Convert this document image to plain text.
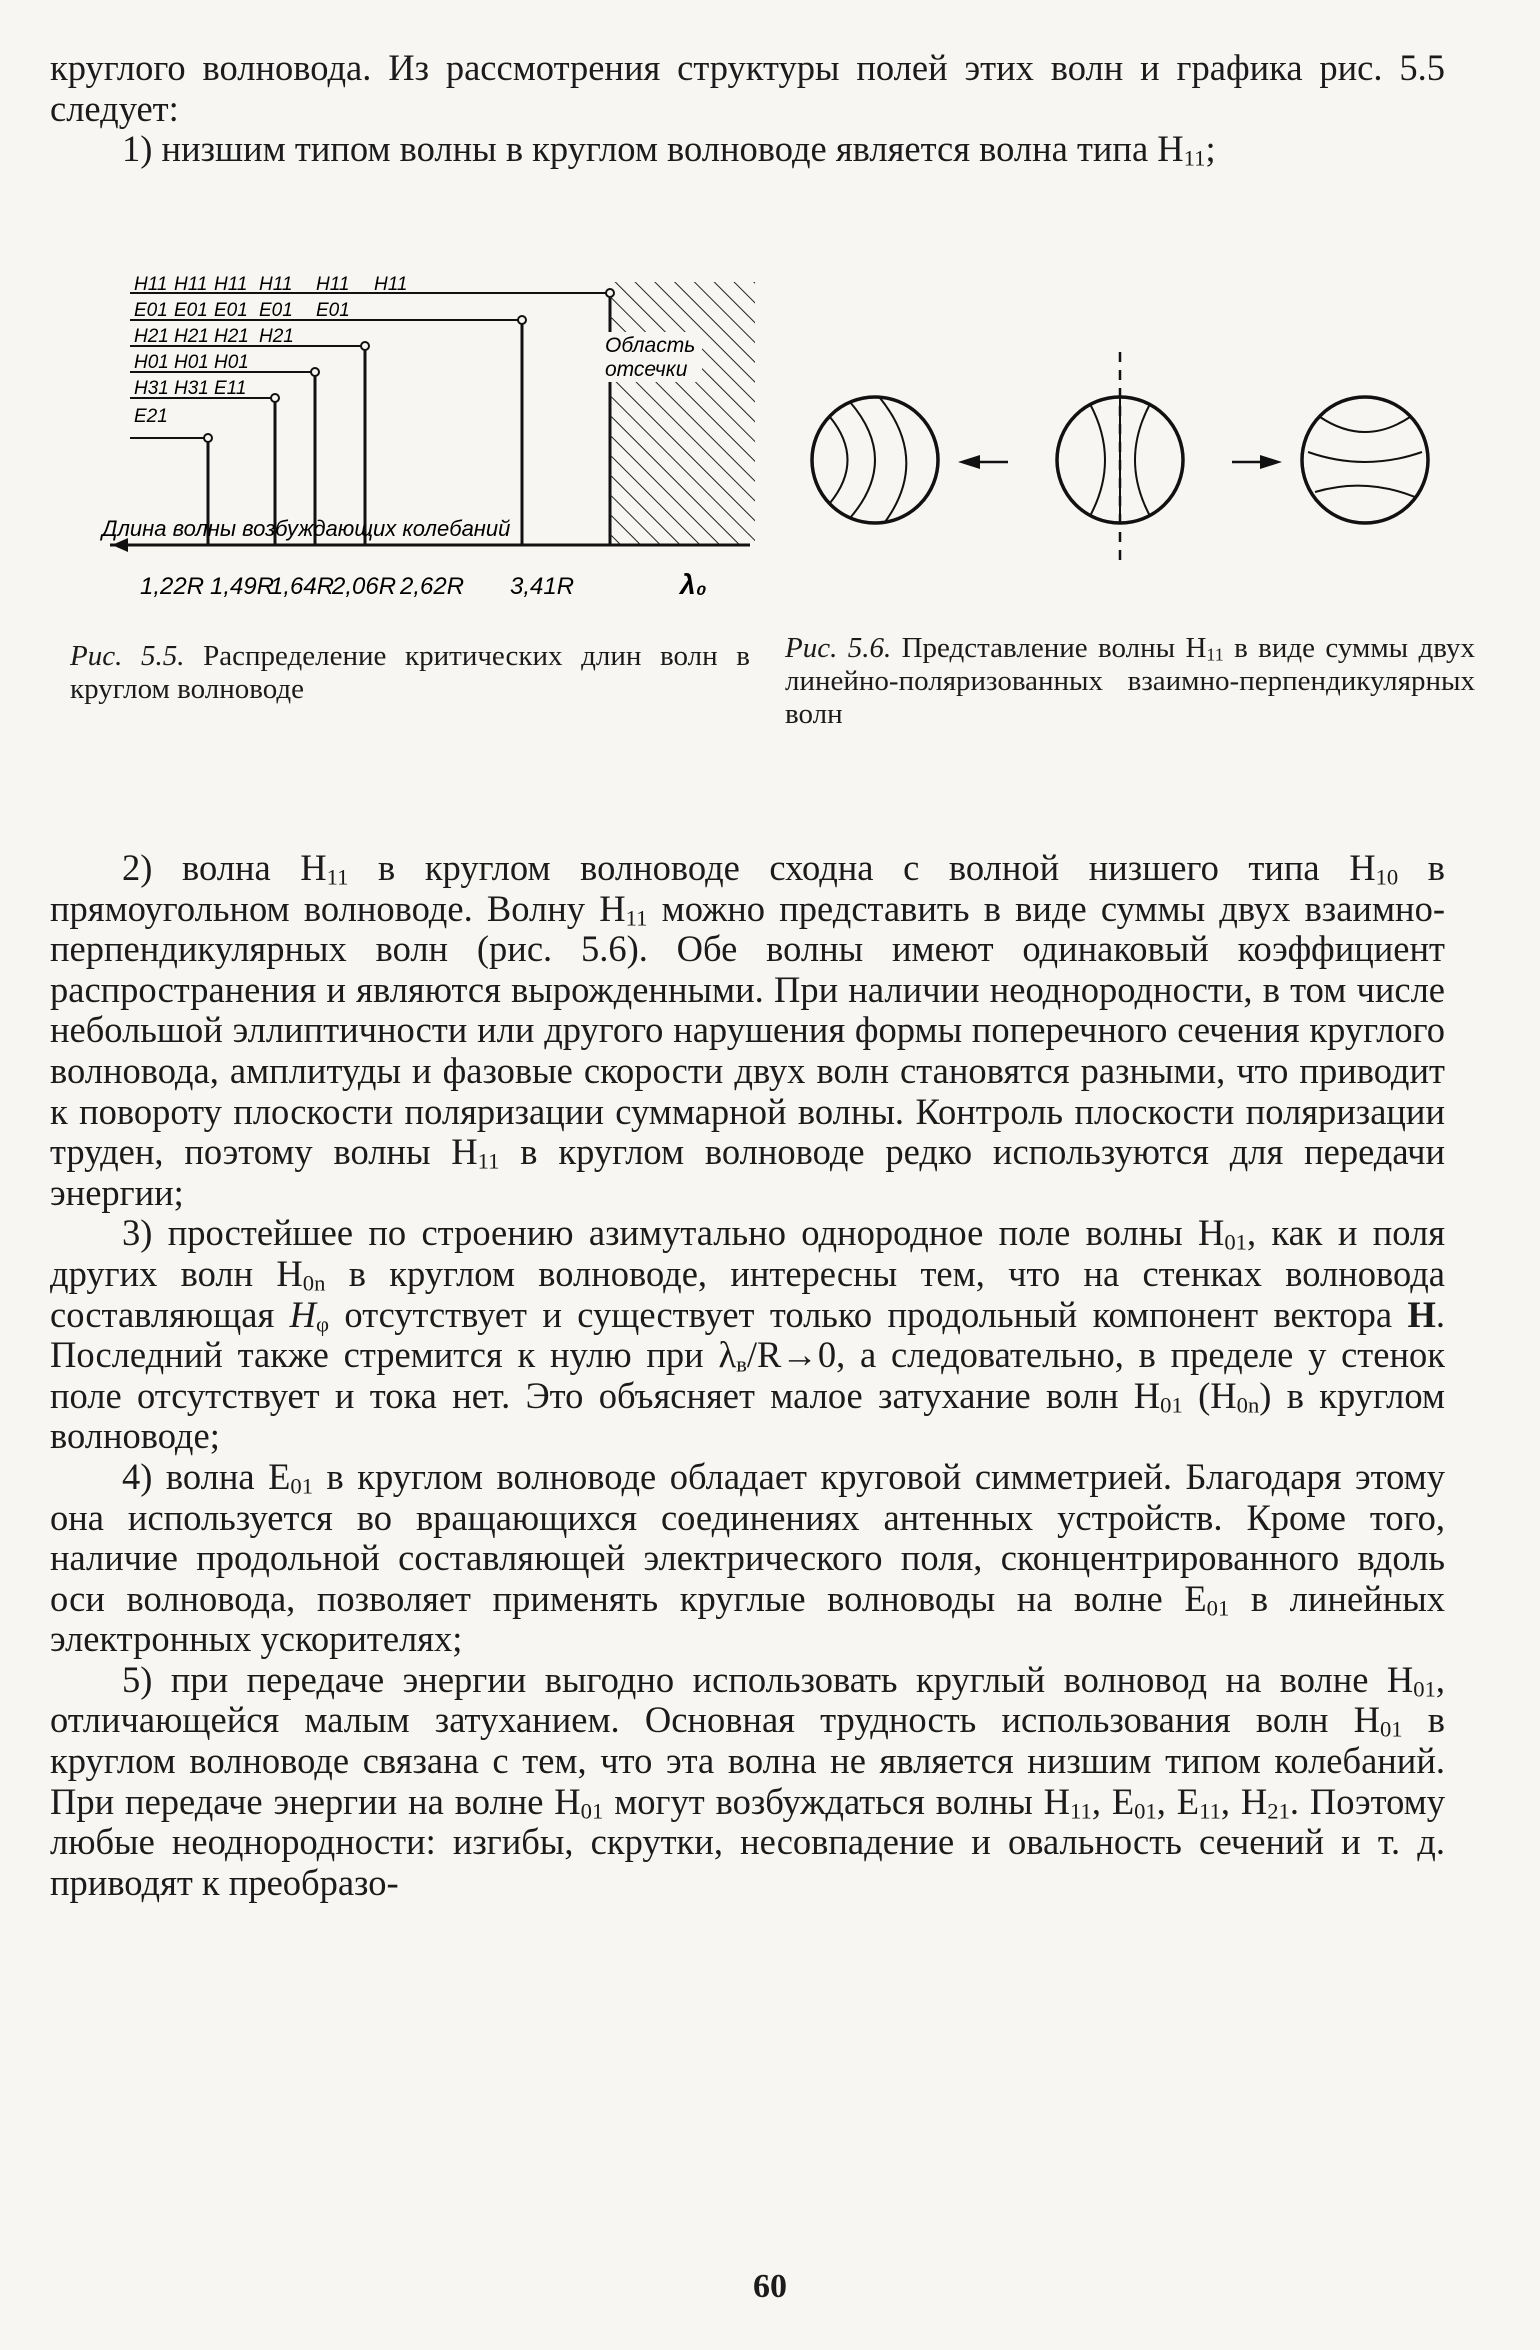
круглого волновода. Из рассмотрения структуры полей этих волн и графика рис. 5.5 следует:

1) низшим типом волны в круглом волноводе является волна типа $H_{11}$;

H11 H11 H11 H11 H11 H11
E01 E01 E01 E01 E01
H21 H21 H21 H21
H01 H01 H01
H31 H31 E11
E21
Область
отсечки
Длина волны возбуждающих колебаний
1,22R 1,49R
1,64R
2,06R 2,62R 3,41R	λ₀
Рис. 5.5. Распределение критических длин волн в круглом волноводе
Рис. 5.6. Представление волны $H_{11}$ в виде суммы двух линейно-поляризованных взаимно-перпендикулярных волн

2) волна $H_{11}$ в круглом волноводе сходна с волной низшего типа $H_{10}$ в прямоугольном волноводе. Волну $H_{11}$ можно представить в виде суммы двух взаимно-перпендикулярных волн (рис. 5.6). Обе волны имеют одинаковый коэффициент распространения и являются вырожденными. При наличии неоднородности, в том числе небольшой эллиптичности или другого нарушения формы поперечного сечения круглого волновода, амплитуды и фазовые скорости двух волн становятся разными, что приводит к повороту плоскости поляризации суммарной волны. Контроль плоскости поляризации труден, поэтому волны $H_{11}$ в круглом волноводе редко используются для передачи энергии;

3) простейшее по строению азимутально однородное поле волны $H_{01}$, как и поля других волн $H_{0n}$ в круглом волноводе, интересны тем, что на стенках волновода составляющая $H_\varphi$ отсутствует и существует только продольный компонент вектора H. Последний также стремится к нулю при $\lambda_в/R\to 0$, а следовательно, в пределе у стенок поле отсутствует и тока нет. Это объясняет малое затухание волн $H_{01}$ $(H_{0n})$ в круглом волноводе;

4) волна $E_{01}$ в круглом волноводе обладает круговой симметрией. Благодаря этому она используется во вращающихся соединениях антенных устройств. Кроме того, наличие продольной составляющей электрического поля, сконцентрированного вдоль оси волновода, позволяет применять круглые волноводы на волне $E_{01}$ в линейных электронных ускорителях;

5) при передаче энергии выгодно использовать круглый волновод на волне $H_{01}$, отличающейся малым затуханием. Основная трудность использования волн $H_{01}$ в круглом волноводе связана с тем, что эта волна не является низшим типом колебаний. При передаче энергии на волне $H_{01}$ могут возбуждаться волны $H_{11}$, $E_{01}$, $E_{11}$, $H_{21}$. Поэтому любые неоднородности: изгибы, скрутки, несовпадение и овальность сечений и т. д. приводят к преобразо-

60
